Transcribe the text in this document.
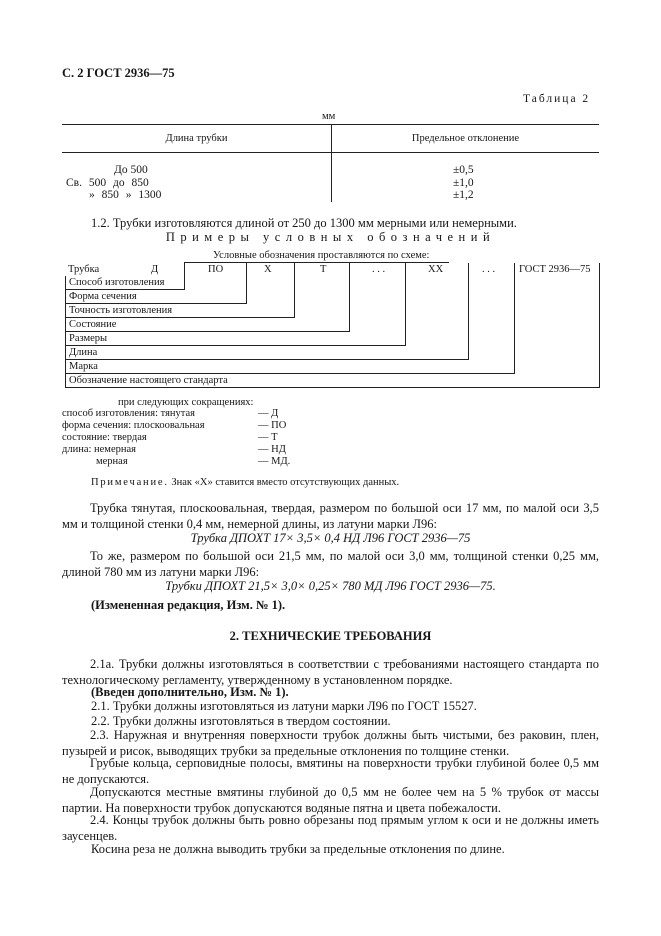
С. 2 ГОСТ 2936—75
Таблица 2
мм
Длина трубки	Предельное отклонение
До 500	±0,5
Св. 500 до 850	±1,0
» 850 » 1300	±1,2
1.2. Трубки изготовляются длиной от 250 до 1300 мм мерными или немерными.
Примеры условных обозначений
Условные обозначения проставляются по схеме:
Трубка	Д	ПО	Х	Т	. . .	ХХ	. . . ГОСТ 2936—75
Способ изготовления
Форма сечения
Точность изготовления
Состояние
Размеры
Длина
Марка
Обозначение настоящего стандарта
при следующих сокращениях:
способ изготовления: тянутая	— Д
форма сечения: плоскоовальная	— ПО
состояние: твердая	— Т
длина: немерная	— НД
мерная	— МД.
Примечание. Знак «Х» ставится вместо отсутствующих данных.
Трубка тянутая, плоскоовальная, твердая, размером по большой оси 17 мм, по малой оси 3,5 мм и толщиной стенки 0,4 мм, немерной длины, из латуни марки Л96:
Трубка ДПОХТ 17× 3,5× 0,4 НД Л96 ГОСТ 2936—75
То же, размером по большой оси 21,5 мм, по малой оси 3,0 мм, толщиной стенки 0,25 мм, длиной 780 мм из латуни марки Л96:
Трубки ДПОХТ 21,5× 3,0× 0,25× 780 МД Л96 ГОСТ 2936—75.
(Измененная редакция, Изм. № 1).
2. ТЕХНИЧЕСКИЕ ТРЕБОВАНИЯ
2.1а. Трубки должны изготовляться в соответствии с требованиями настоящего стандарта по технологическому регламенту, утвержденному в установленном порядке.
(Введен дополнительно, Изм. № 1).
2.1. Трубки должны изготовляться из латуни марки Л96 по ГОСТ 15527.
2.2. Трубки должны изготовляться в твердом состоянии.
2.3. Наружная и внутренняя поверхности трубок должны быть чистыми, без раковин, плен, пузырей и рисок, выводящих трубки за предельные отклонения по толщине стенки.
Грубые кольца, серповидные полосы, вмятины на поверхности трубки глубиной более 0,5 мм не допускаются.
Допускаются местные вмятины глубиной до 0,5 мм не более чем на 5 % трубок от массы партии. На поверхности трубок допускаются водяные пятна и цвета побежалости.
2.4. Концы трубок должны быть ровно обрезаны под прямым углом к оси и не должны иметь заусенцев.
Косина реза не должна выводить трубки за предельные отклонения по длине.
